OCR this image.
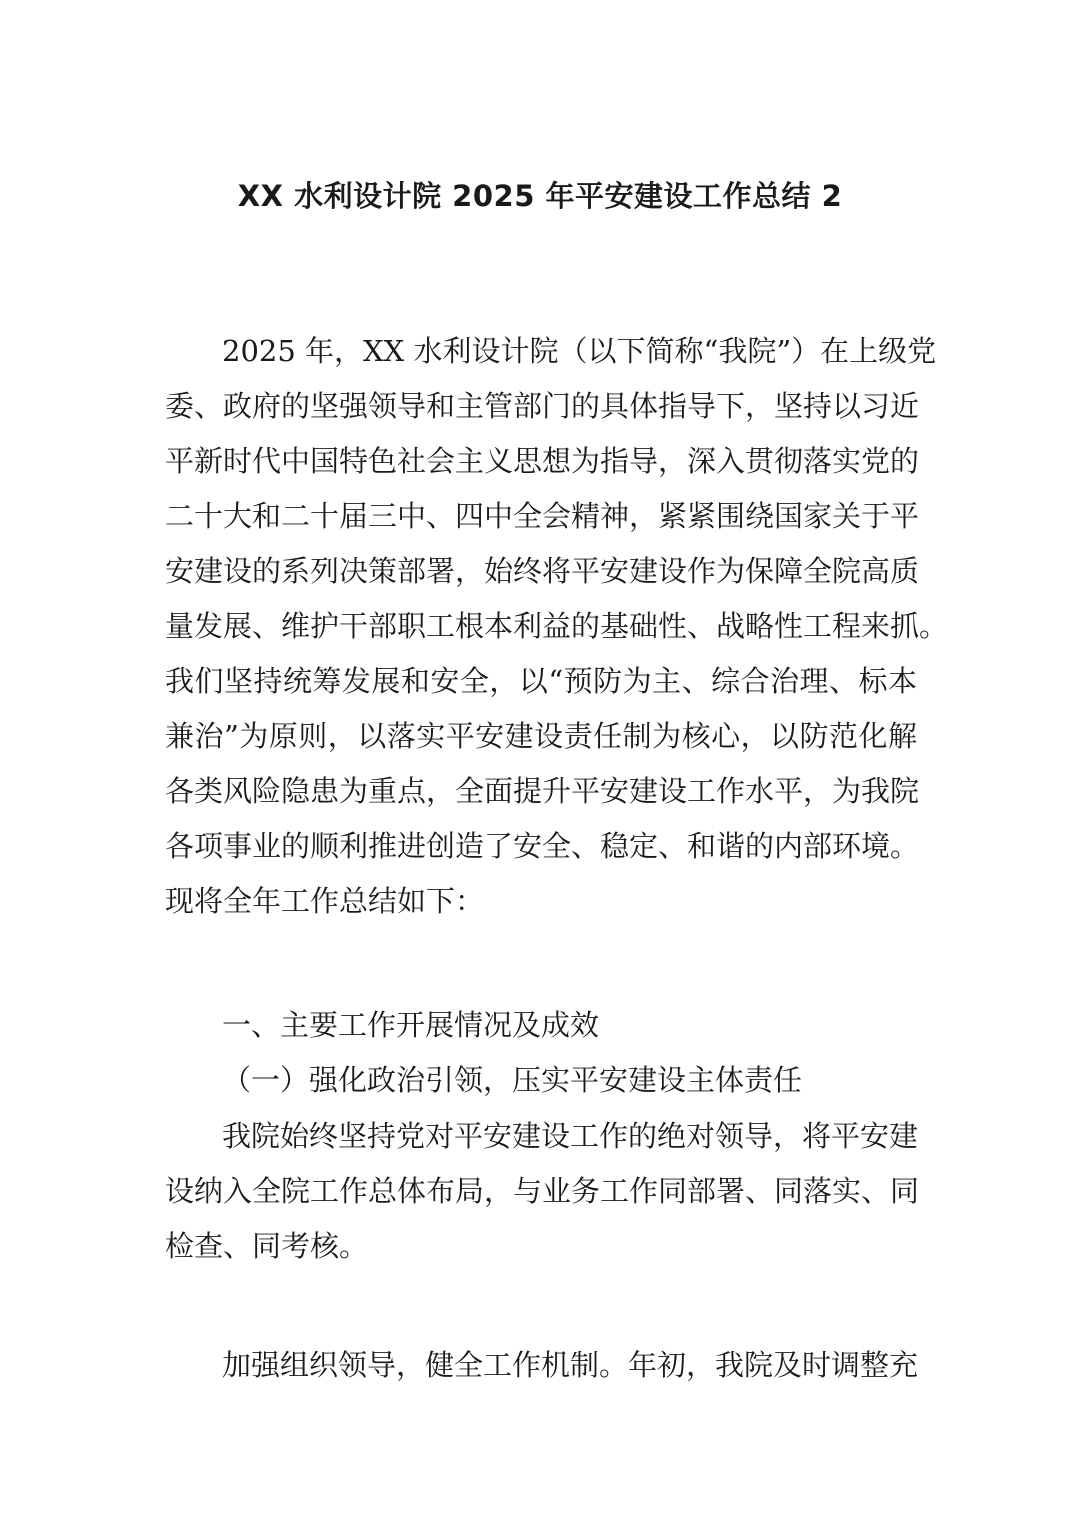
XX 水利设计院 2025 年平安建设工作总结 2

2025 年，XX 水利设计院（以下简称“我院”）在上级党

委、政府的坚强领导和主管部门的具体指导下，坚持以习近

平新时代中国特色社会主义思想为指导，深入贯彻落实党的

二十大和二十届三中、四中全会精神，紧紧围绕国家关于平

安建设的系列决策部署，始终将平安建设作为保障全院高质

量发展、维护干部职工根本利益的基础性、战略性工程来抓。

我们坚持统筹发展和安全，以“预防为主、综合治理、标本

兼治”为原则，以落实平安建设责任制为核心，以防范化解

各类风险隐患为重点，全面提升平安建设工作水平，为我院

各项事业的顺利推进创造了安全、稳定、和谐的内部环境。

现将全年工作总结如下：

一、主要工作开展情况及成效

（一）强化政治引领，压实平安建设主体责任

我院始终坚持党对平安建设工作的绝对领导，将平安建

设纳入全院工作总体布局，与业务工作同部署、同落实、同

检查、同考核。

加强组织领导，健全工作机制。年初，我院及时调整充
